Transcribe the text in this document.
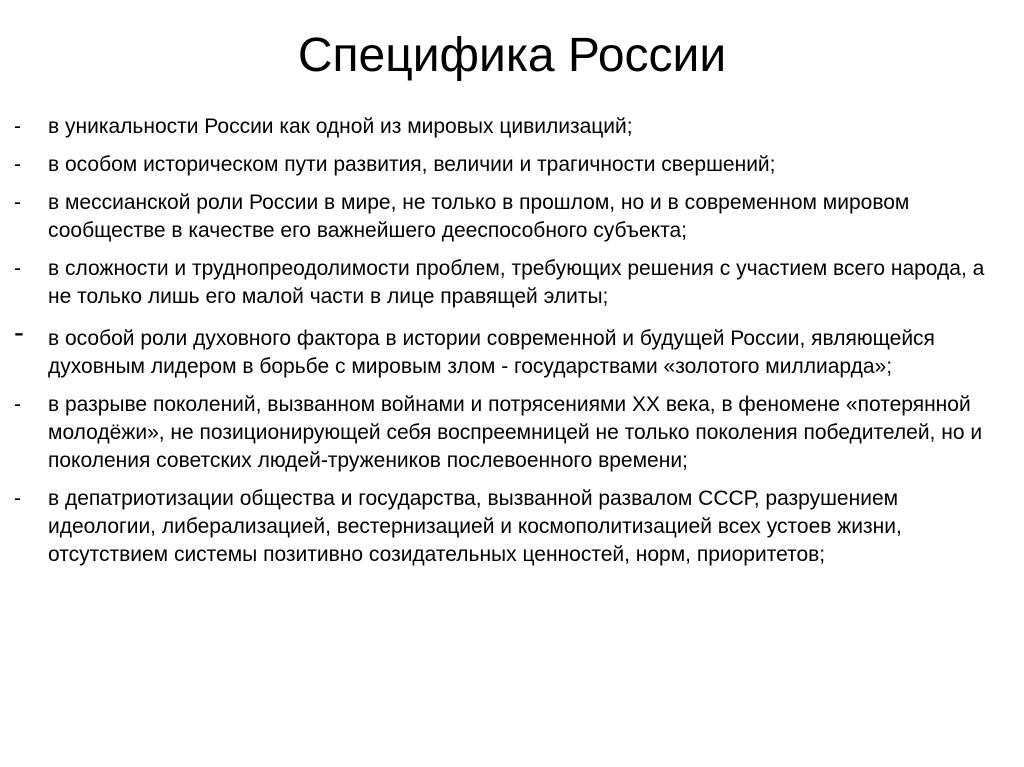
Специфика России
-	в уникальности России как одной из мировых цивилизаций;
-	в особом историческом пути развития, величии и трагичности свершений;
-	в мессианской роли России в мире, не только в прошлом, но и в современном мировом сообществе в качестве его важнейшего дееспособного субъекта;
-	в сложности и труднопреодолимости проблем, требующих решения с участием всего народа, а не только лишь его малой части в лице правящей элиты;
-	в особой роли духовного фактора в истории современной и будущей России, являющейся духовным лидером в борьбе с мировым злом - государствами «золотого миллиарда»;
-	в разрыве поколений, вызванном войнами и потрясениями XX века, в феномене «потерянной молодёжи», не позиционирующей себя воспреемницей не только поколения победителей, но и поколения советских людей-тружеников послевоенного времени;
-	в депатриотизации общества и государства, вызванной развалом СССР, разрушением идеологии, либерализацией, вестернизацией и космополитизацией всех устоев жизни, отсутствием системы позитивно созидательных ценностей, норм, приоритетов;
